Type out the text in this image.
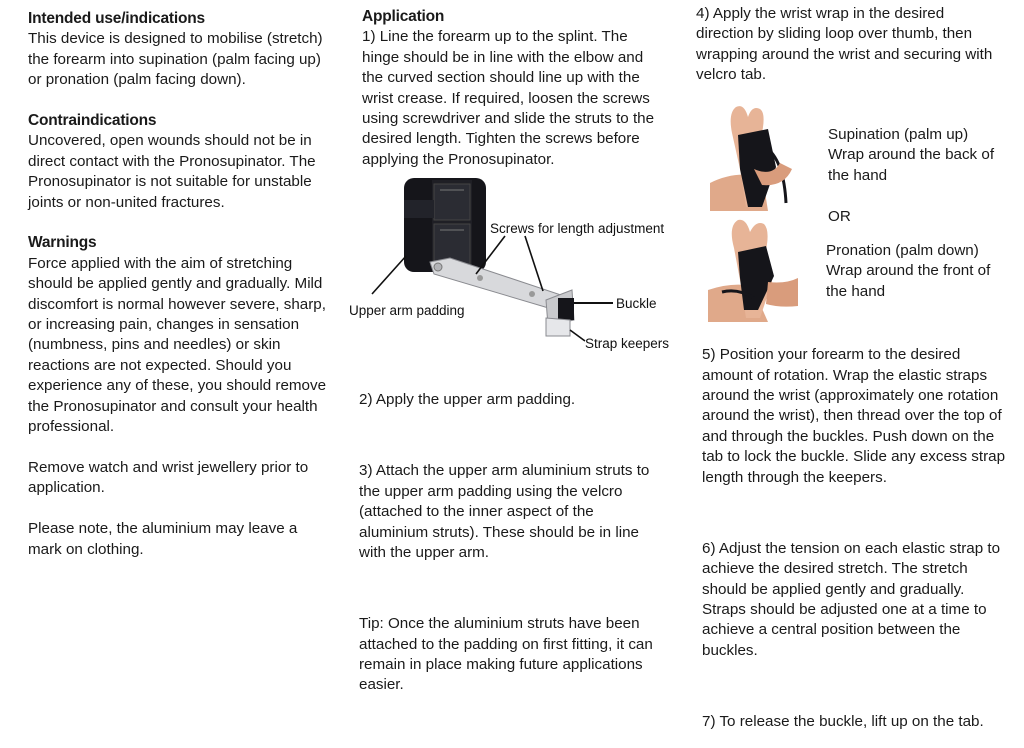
Intended use/indications

This device is designed to mobilise (stretch) the forearm into supination (palm facing up) or pronation (palm facing down).

Contraindications

Uncovered, open wounds should not be in direct contact with the Pronosupinator. The Pronosupinator is not suitable for unstable joints or non-united fractures.

Warnings

Force applied with the aim of stretching should be applied gently and gradually. Mild discomfort is normal however severe, sharp, or increasing pain, changes in sensation (numbness, pins and needles) or skin reactions are not expected. Should you experience any of these, you should remove the Pronosupinator and consult your health professional.

Remove watch and wrist jewellery prior to application.

Please note, the aluminium may leave a mark on clothing.

Application

1) Line the forearm up to the splint. The hinge should be in line with the elbow and the curved section should line up with the wrist crease. If required, loosen the screws using screwdriver and slide the struts to the desired length. Tighten the screws before applying the Pronosupinator.

Screws for length adjustment
Upper arm padding	Buckle
Strap keepers

2) Apply the upper arm padding.

3) Attach the upper arm aluminium struts to the upper arm padding using the velcro (attached to the inner aspect of the aluminium struts). These should be in line with the upper arm.

Tip: Once the aluminium struts have been attached to the padding on first fitting, it can remain in place making future applications easier.

4) Apply the wrist wrap in the desired direction by sliding loop over thumb, then wrapping around the wrist and securing with velcro tab.

Supination (palm up) Wrap around the back of the hand
OR
Pronation (palm down) Wrap around the front of the hand

5) Position your forearm to the desired amount of rotation. Wrap the elastic straps around the wrist (approximately one rotation around the wrist), then thread over the top of and through the buckles. Push down on the tab to lock the buckle. Slide any excess strap length through the keepers.

6) Adjust the tension on each elastic strap to achieve the desired stretch. The stretch should be applied gently and gradually. Straps should be adjusted one at a time to achieve a central position between the buckles.

7) To release the buckle, lift up on the tab.
